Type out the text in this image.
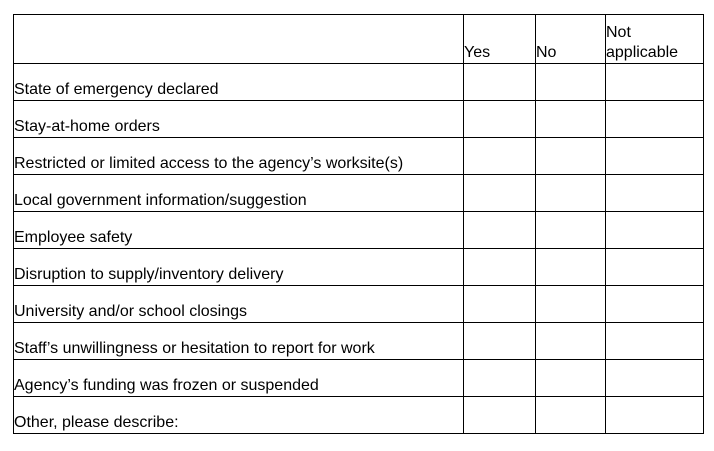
	Yes	No	Not applicable
State of emergency declared			
Stay-at-home orders			
Restricted or limited access to the agency’s worksite(s)			
Local government information/suggestion			
Employee safety			
Disruption to supply/inventory delivery			
University and/or school closings			
Staff’s unwillingness or hesitation to report for work			
Agency’s funding was frozen or suspended			
Other, please describe:			
